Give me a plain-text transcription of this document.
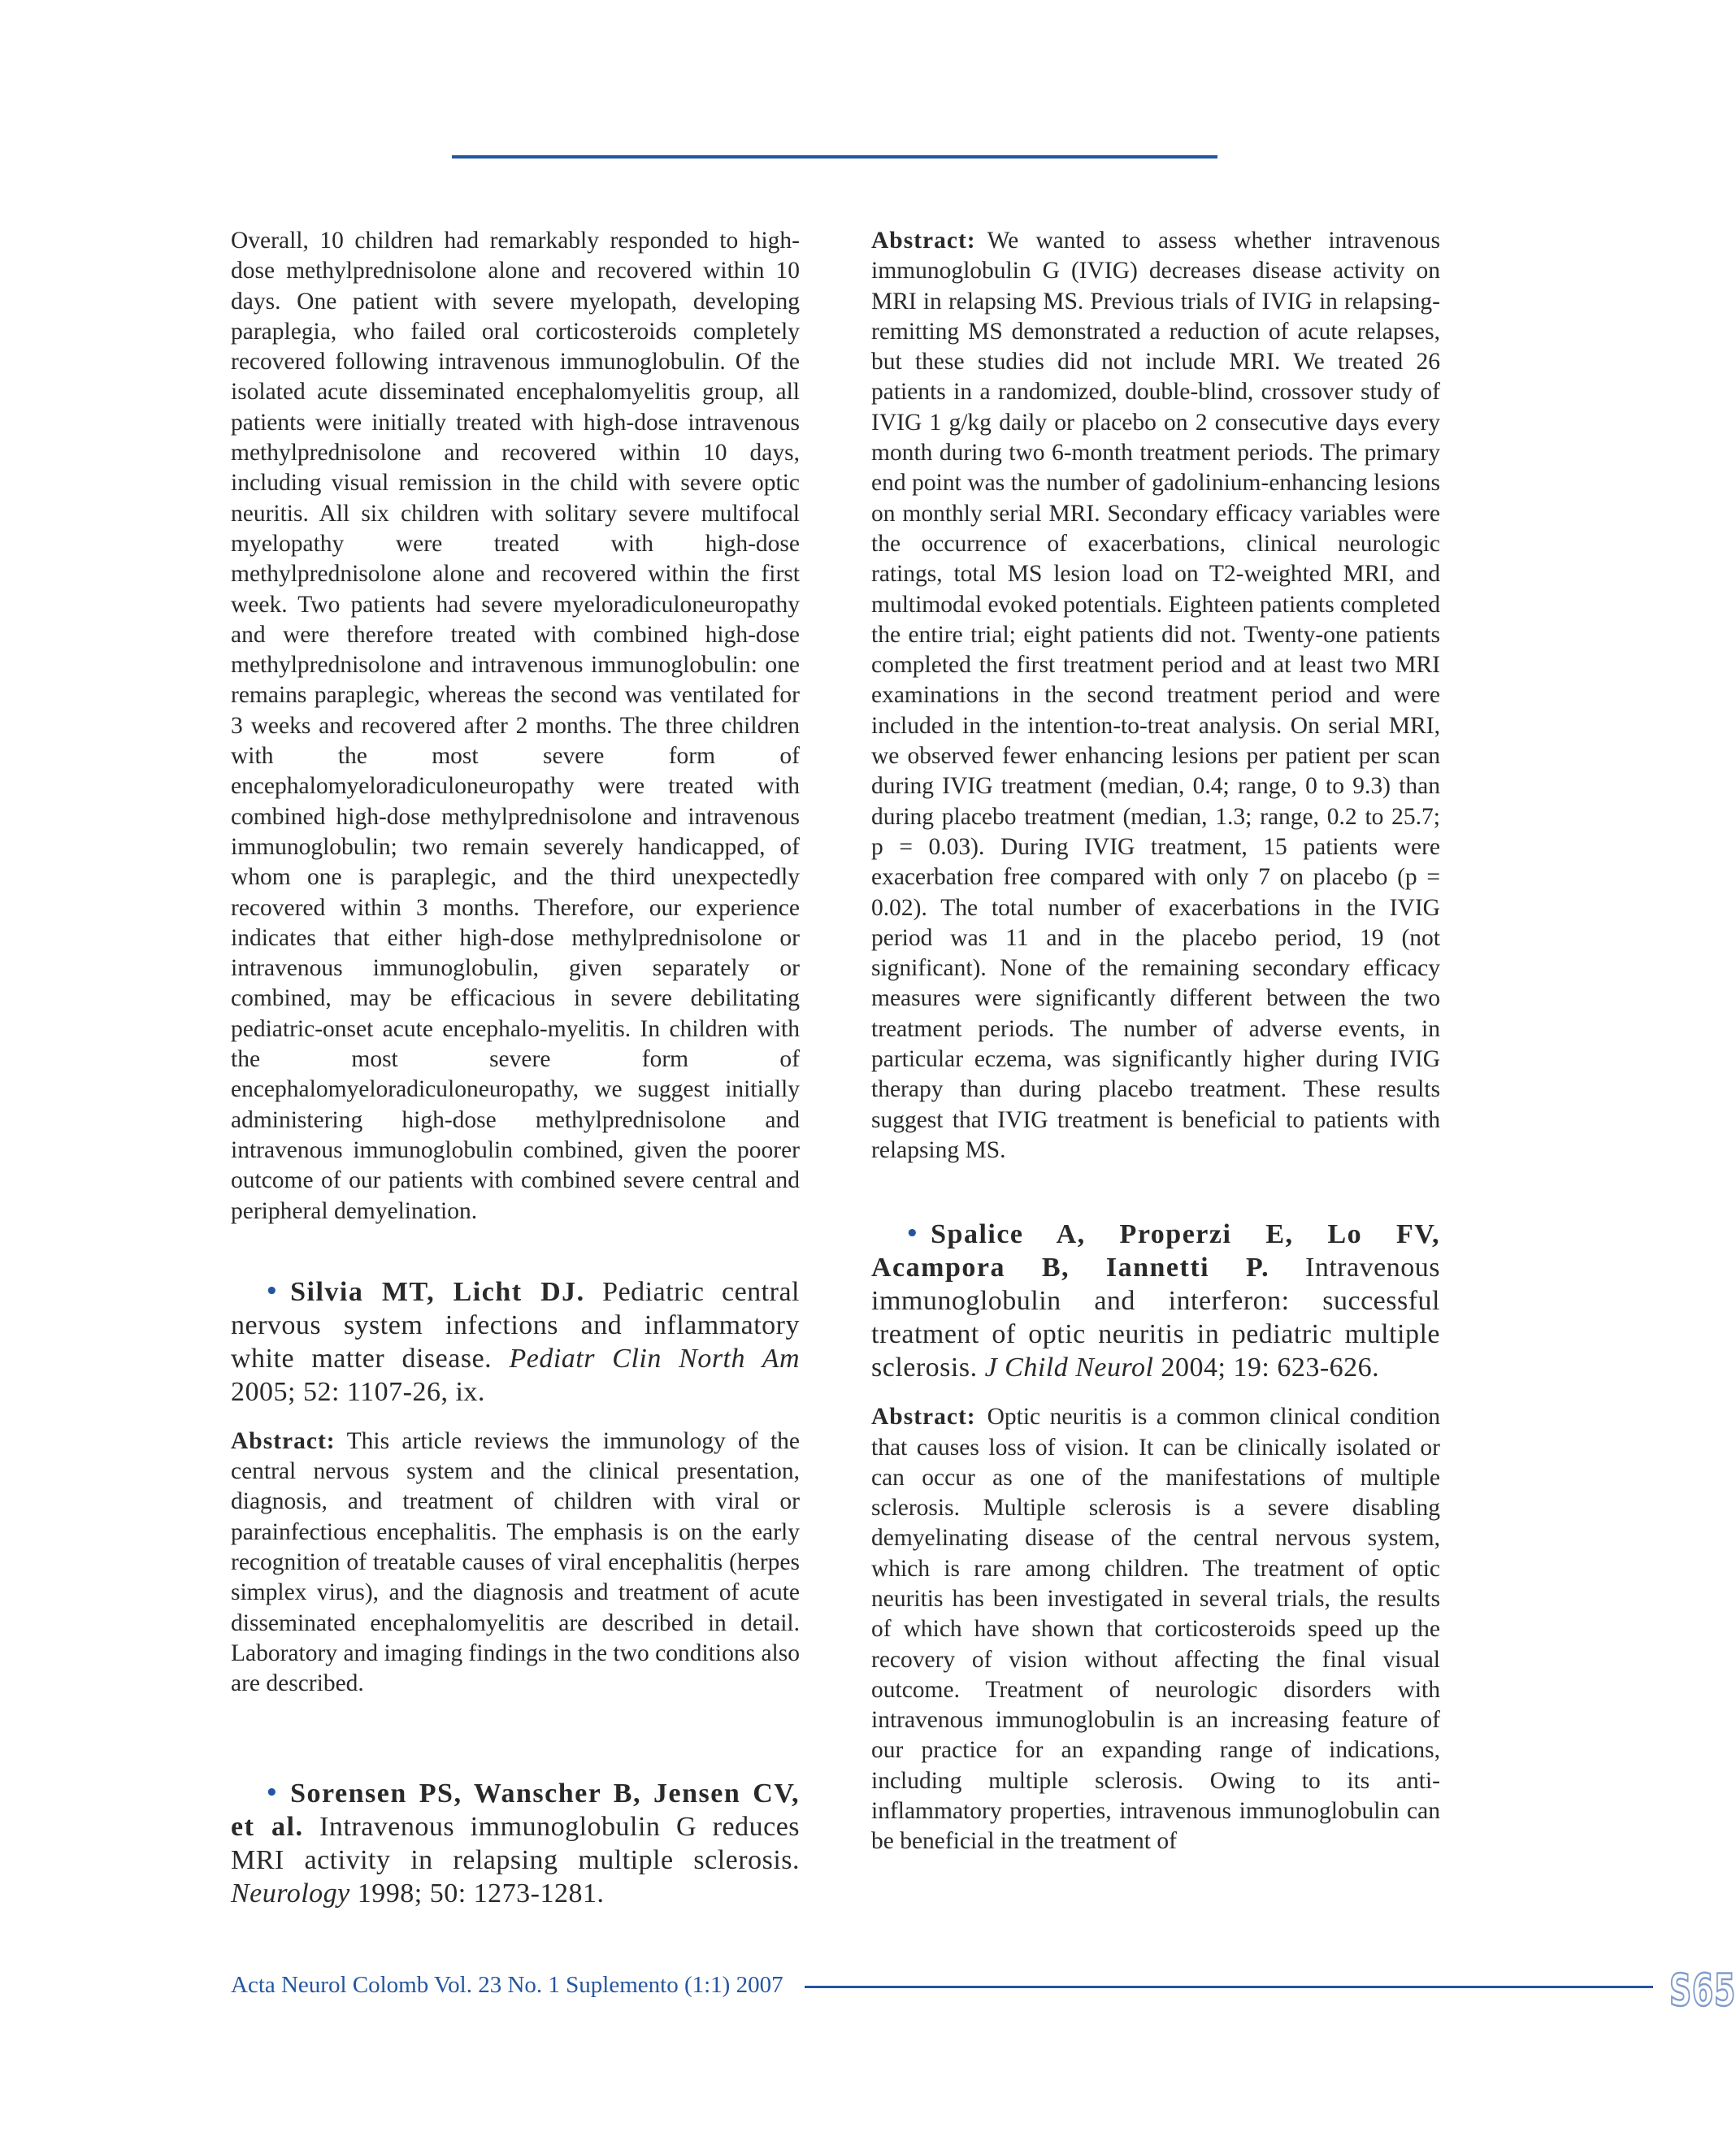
Overall, 10 children had remarkably responded to high-dose methylprednisolone alone and recovered within 10 days. One patient with severe myelopath, developing paraplegia, who failed oral corticosteroids completely recovered following intravenous immunoglobulin. Of the isolated acute disseminated encephalomyelitis group, all patients were initially treated with high-dose intravenous methylprednisolone and recovered within 10 days, including visual remission in the child with severe optic neuritis. All six children with solitary severe multifocal myelopathy were treated with high-dose methylprednisolone alone and recovered within the first week. Two patients had severe myeloradiculoneuropathy and were therefore treated with combined high-dose methylprednisolone and intravenous immunoglobulin: one remains paraplegic, whereas the second was ventilated for 3 weeks and recovered after 2 months. The three children with the most severe form of encephalomyeloradiculoneuropathy were treated with combined high-dose methylprednisolone and intravenous immunoglobulin; two remain severely handicapped, of whom one is paraplegic, and the third unexpectedly recovered within 3 months. Therefore, our experience indicates that either high-dose methylprednisolone or intravenous immunoglobulin, given separately or combined, may be efficacious in severe debilitating pediatric-onset acute encephalo-myelitis. In children with the most severe form of encephalomyeloradiculoneuropathy, we suggest initially administering high-dose methylprednisolone and intravenous immunoglobulin combined, given the poorer outcome of our patients with combined severe central and peripheral demyelination.

• Silvia MT, Licht DJ. Pediatric central nervous system infections and inflammatory white matter disease. Pediatr Clin North Am 2005; 52: 1107-26, ix.

Abstract: This article reviews the immunology of the central nervous system and the clinical presentation, diagnosis, and treatment of children with viral or parainfectious encephalitis. The emphasis is on the early recognition of treatable causes of viral encephalitis (herpes simplex virus), and the diagnosis and treatment of acute disseminated encephalomyelitis are described in detail. Laboratory and imaging findings in the two conditions also are described.

• Sorensen PS, Wanscher B, Jensen CV, et al. Intravenous immunoglobulin G reduces MRI activity in relapsing multiple sclerosis. Neurology 1998; 50: 1273-1281.

Abstract: We wanted to assess whether intravenous immunoglobulin G (IVIG) decreases disease activity on MRI in relapsing MS. Previous trials of IVIG in relapsing-remitting MS demonstrated a reduction of acute relapses, but these studies did not include MRI. We treated 26 patients in a randomized, double-blind, crossover study of IVIG 1 g/kg daily or placebo on 2 consecutive days every month during two 6-month treatment periods. The primary end point was the number of gadolinium-enhancing lesions on monthly serial MRI. Secondary efficacy variables were the occurrence of exacerbations, clinical neurologic ratings, total MS lesion load on T2-weighted MRI, and multimodal evoked potentials. Eighteen patients completed the entire trial; eight patients did not. Twenty-one patients completed the first treatment period and at least two MRI examinations in the second treatment period and were included in the intention-to-treat analysis. On serial MRI, we observed fewer enhancing lesions per patient per scan during IVIG treatment (median, 0.4; range, 0 to 9.3) than during placebo treatment (median, 1.3; range, 0.2 to 25.7; p = 0.03). During IVIG treatment, 15 patients were exacerbation free compared with only 7 on placebo (p = 0.02). The total number of exacerbations in the IVIG period was 11 and in the placebo period, 19 (not significant). None of the remaining secondary efficacy measures were significantly different between the two treatment periods. The number of adverse events, in particular eczema, was significantly higher during IVIG therapy than during placebo treatment. These results suggest that IVIG treatment is beneficial to patients with relapsing MS.

• Spalice A, Properzi E, Lo FV, Acampora B, Iannetti P. Intravenous immunoglobulin and interferon: successful treatment of optic neuritis in pediatric multiple sclerosis. J Child Neurol 2004; 19: 623-626.

Abstract: Optic neuritis is a common clinical condition that causes loss of vision. It can be clinically isolated or can occur as one of the manifestations of multiple sclerosis. Multiple sclerosis is a severe disabling demyelinating disease of the central nervous system, which is rare among children. The treatment of optic neuritis has been investigated in several trials, the results of which have shown that corticosteroids speed up the recovery of vision without affecting the final visual outcome. Treatment of neurologic disorders with intravenous immunoglobulin is an increasing feature of our practice for an expanding range of indications, including multiple sclerosis. Owing to its anti-inflammatory properties, intravenous immunoglobulin can be beneficial in the treatment of

Acta Neurol Colomb Vol. 23 No. 1 Suplemento (1:1) 2007	S65
